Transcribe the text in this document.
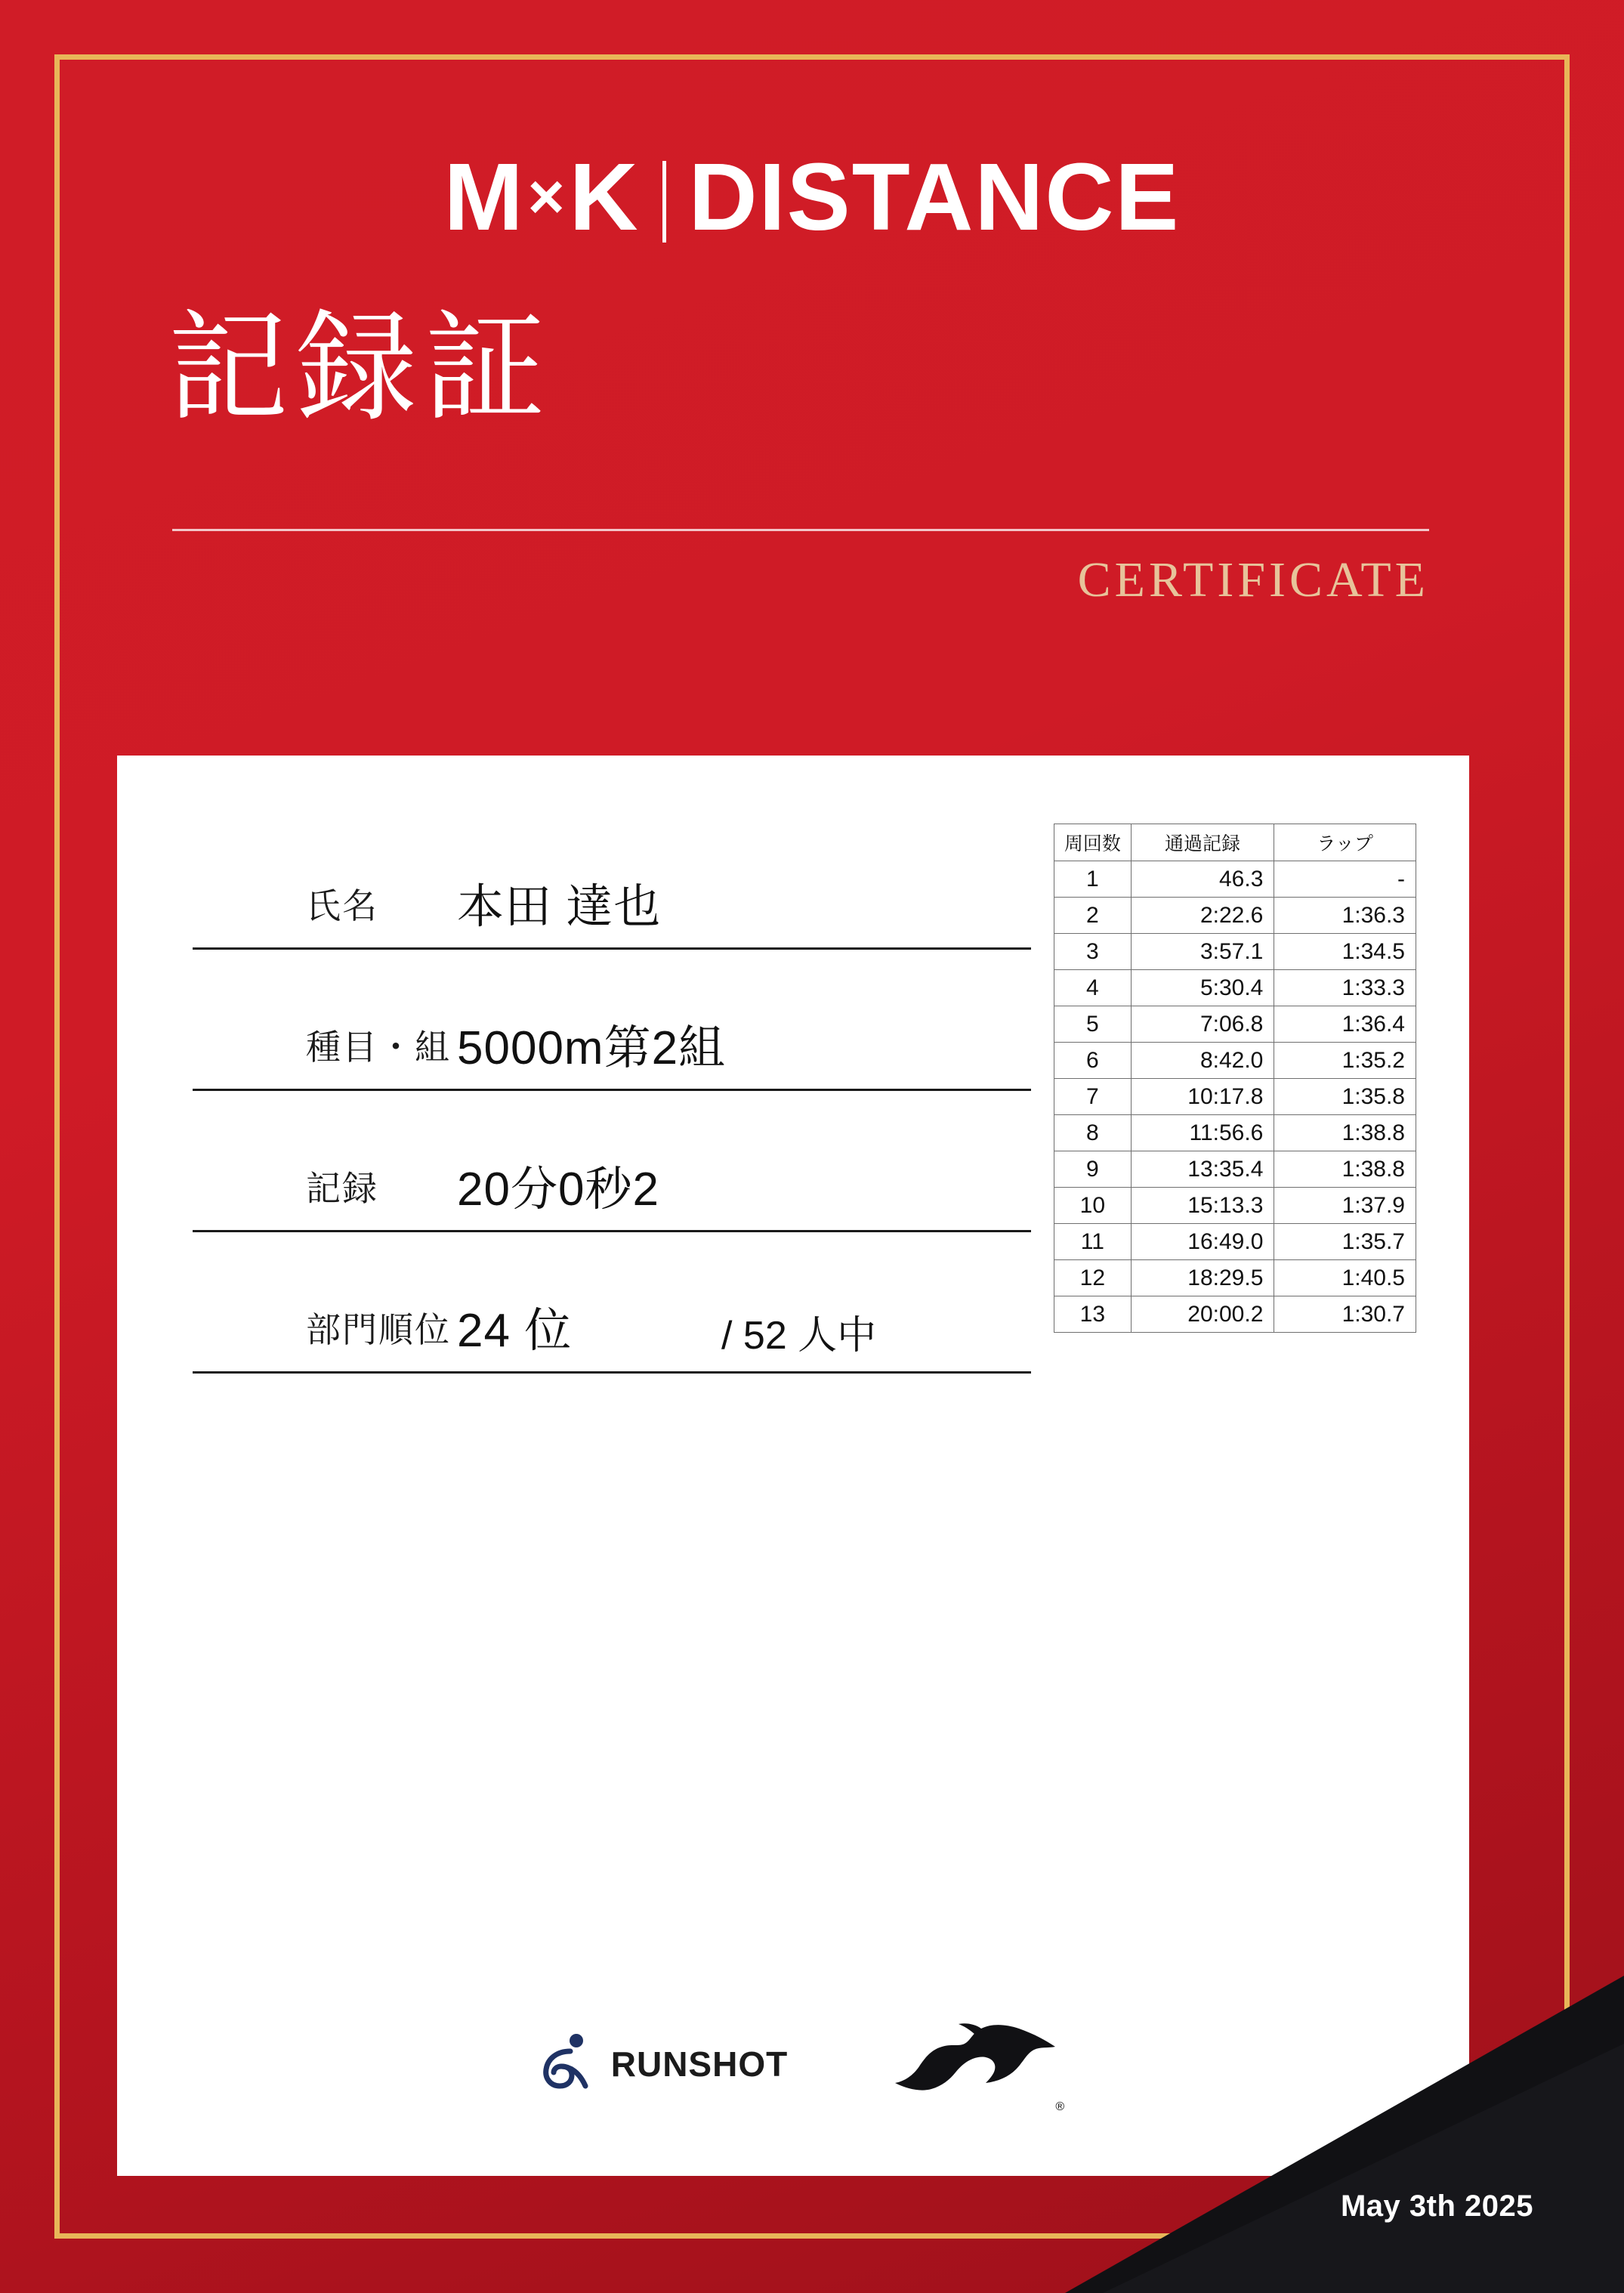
M × K DISTANCE
記録証
CERTIFICATE
氏名 本田 達也
種目・組 5000m第2組
記録 20分0秒2
部門順位 24 位	/ 52 人中
周回数	通過記録	ラップ
1	46.3	-
2	2:22.6	1:36.3
3	3:57.1	1:34.5
4	5:30.4	1:33.3
5	7:06.8	1:36.4
6	8:42.0	1:35.2
7	10:17.8	1:35.8
8	11:56.6	1:38.8
9	13:35.4	1:38.8
10	15:13.3	1:37.9
11	16:49.0	1:35.7
12	18:29.5	1:40.5
13	20:00.2	1:30.7
RUNSHOT
®
May 3th 2025
